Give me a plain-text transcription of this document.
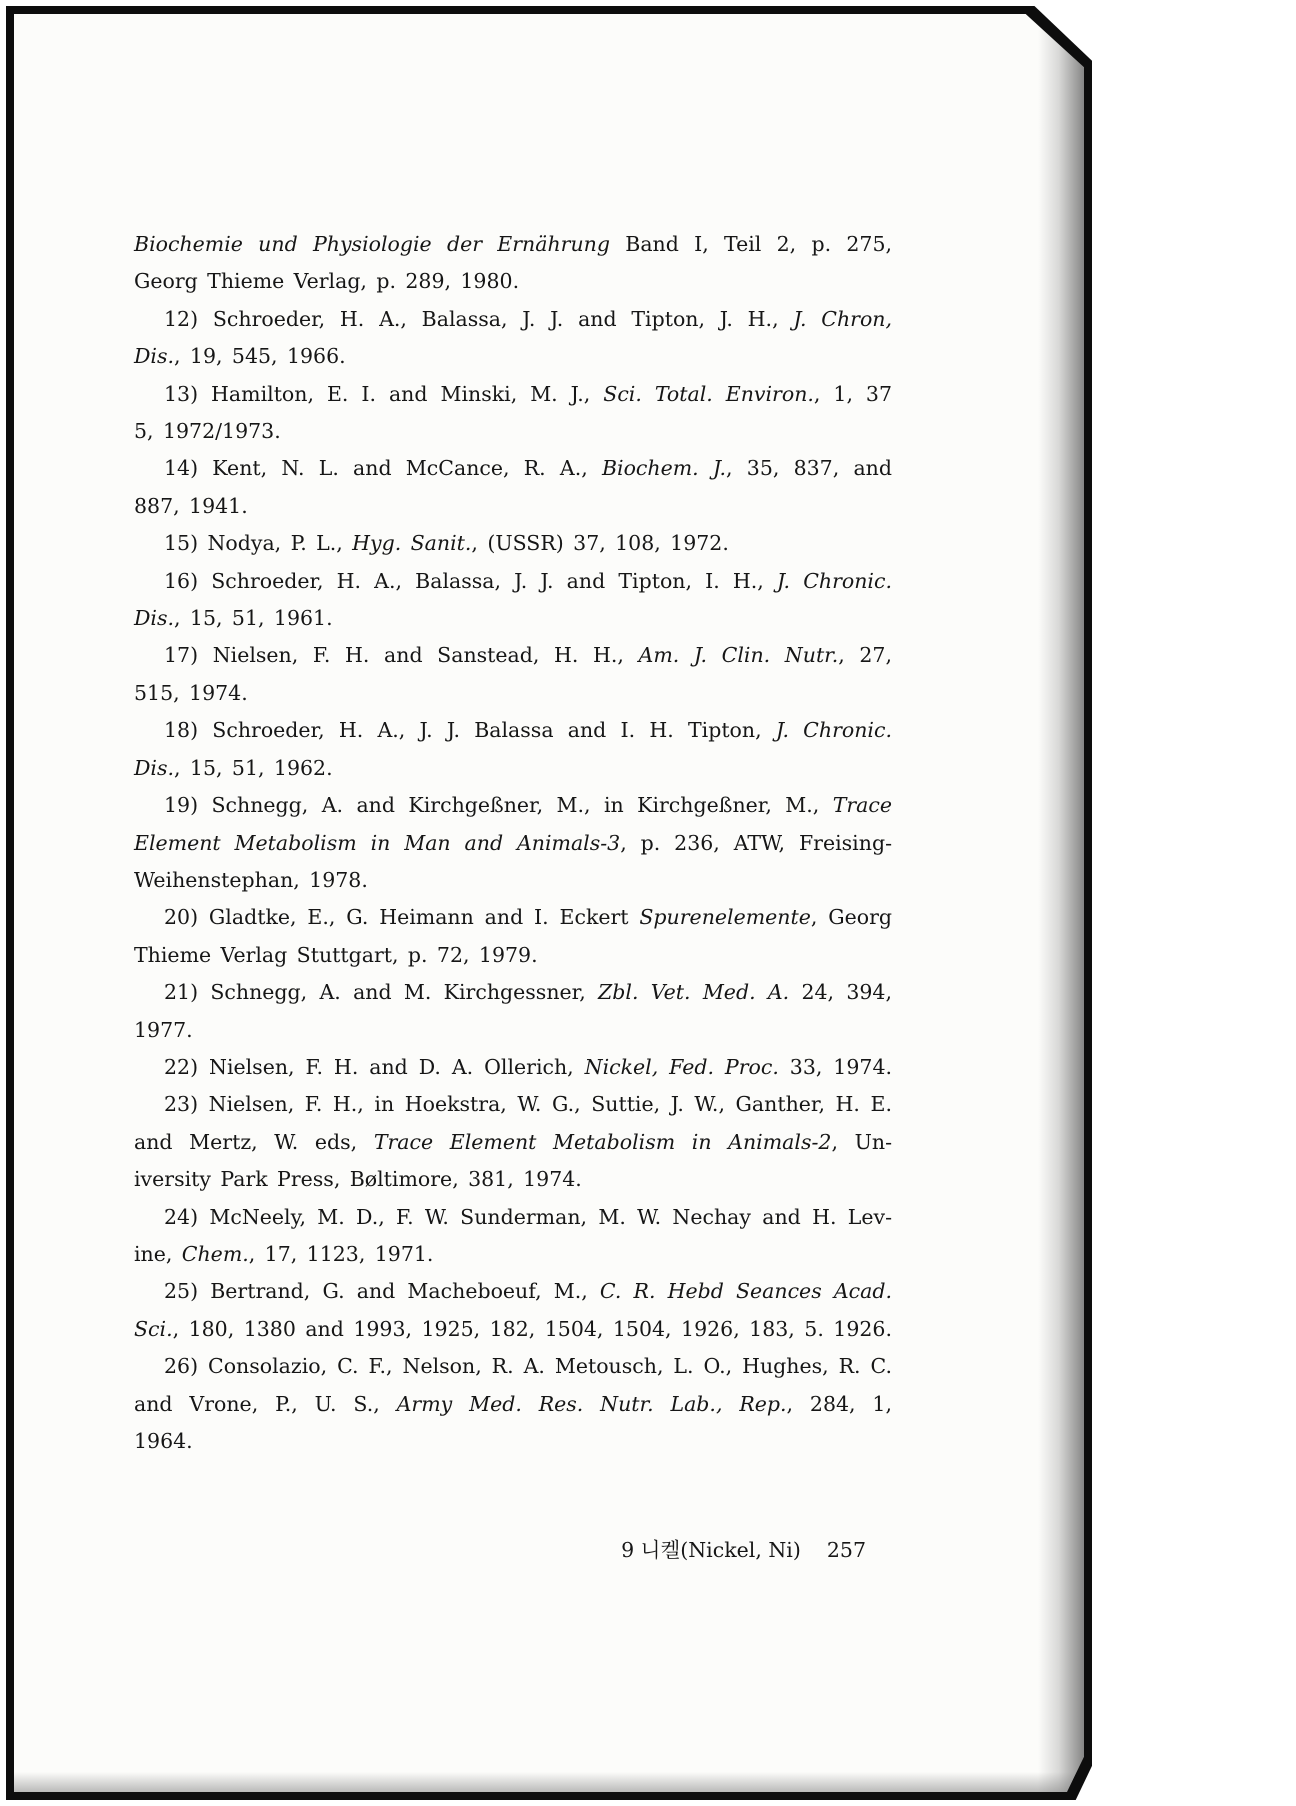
Biochemie und Physiologie der Ernährung Band I, Teil 2, p. 275,
Georg Thieme Verlag, p. 289, 1980.
12) Schroeder, H. A., Balassa, J. J. and Tipton, J. H., J. Chron,
Dis., 19, 545, 1966.
13) Hamilton, E. I. and Minski, M. J., Sci. Total. Environ., 1, 37
5, 1972/1973.
14) Kent, N. L. and McCance, R. A., Biochem. J., 35, 837, and
887, 1941.
15) Nodya, P. L., Hyg. Sanit., (USSR) 37, 108, 1972.
16) Schroeder, H. A., Balassa, J. J. and Tipton, I. H., J. Chronic.
Dis., 15, 51, 1961.
17) Nielsen, F. H. and Sanstead, H. H., Am. J. Clin. Nutr., 27,
515, 1974.
18) Schroeder, H. A., J. J. Balassa and I. H. Tipton, J. Chronic.
Dis., 15, 51, 1962.
19) Schnegg, A. and Kirchgeßner, M., in Kirchgeßner, M., Trace
Element Metabolism in Man and Animals-3, p. 236, ATW, Freising-
Weihenstephan, 1978.
20) Gladtke, E., G. Heimann and I. Eckert Spurenelemente, Georg
Thieme Verlag Stuttgart, p. 72, 1979.
21) Schnegg, A. and M. Kirchgessner, Zbl. Vet. Med. A. 24, 394,
1977.
22) Nielsen, F. H. and D. A. Ollerich, Nickel, Fed. Proc. 33, 1974.
23) Nielsen, F. H., in Hoekstra, W. G., Suttie, J. W., Ganther, H. E.
and Mertz, W. eds, Trace Element Metabolism in Animals-2, Un-
iversity Park Press, Bøltimore, 381, 1974.
24) McNeely, M. D., F. W. Sunderman, M. W. Nechay and H. Lev-
ine, Chem., 17, 1123, 1971.
25) Bertrand, G. and Macheboeuf, M., C. R. Hebd Seances Acad.
Sci., 180, 1380 and 1993, 1925, 182, 1504, 1504, 1926, 183, 5. 1926.
26) Consolazio, C. F., Nelson, R. A. Metousch, L. O., Hughes, R. C.
and Vrone, P., U. S., Army Med. Res. Nutr. Lab., Rep., 284, 1,
1964.
9 니켈(Nickel, Ni) 257
